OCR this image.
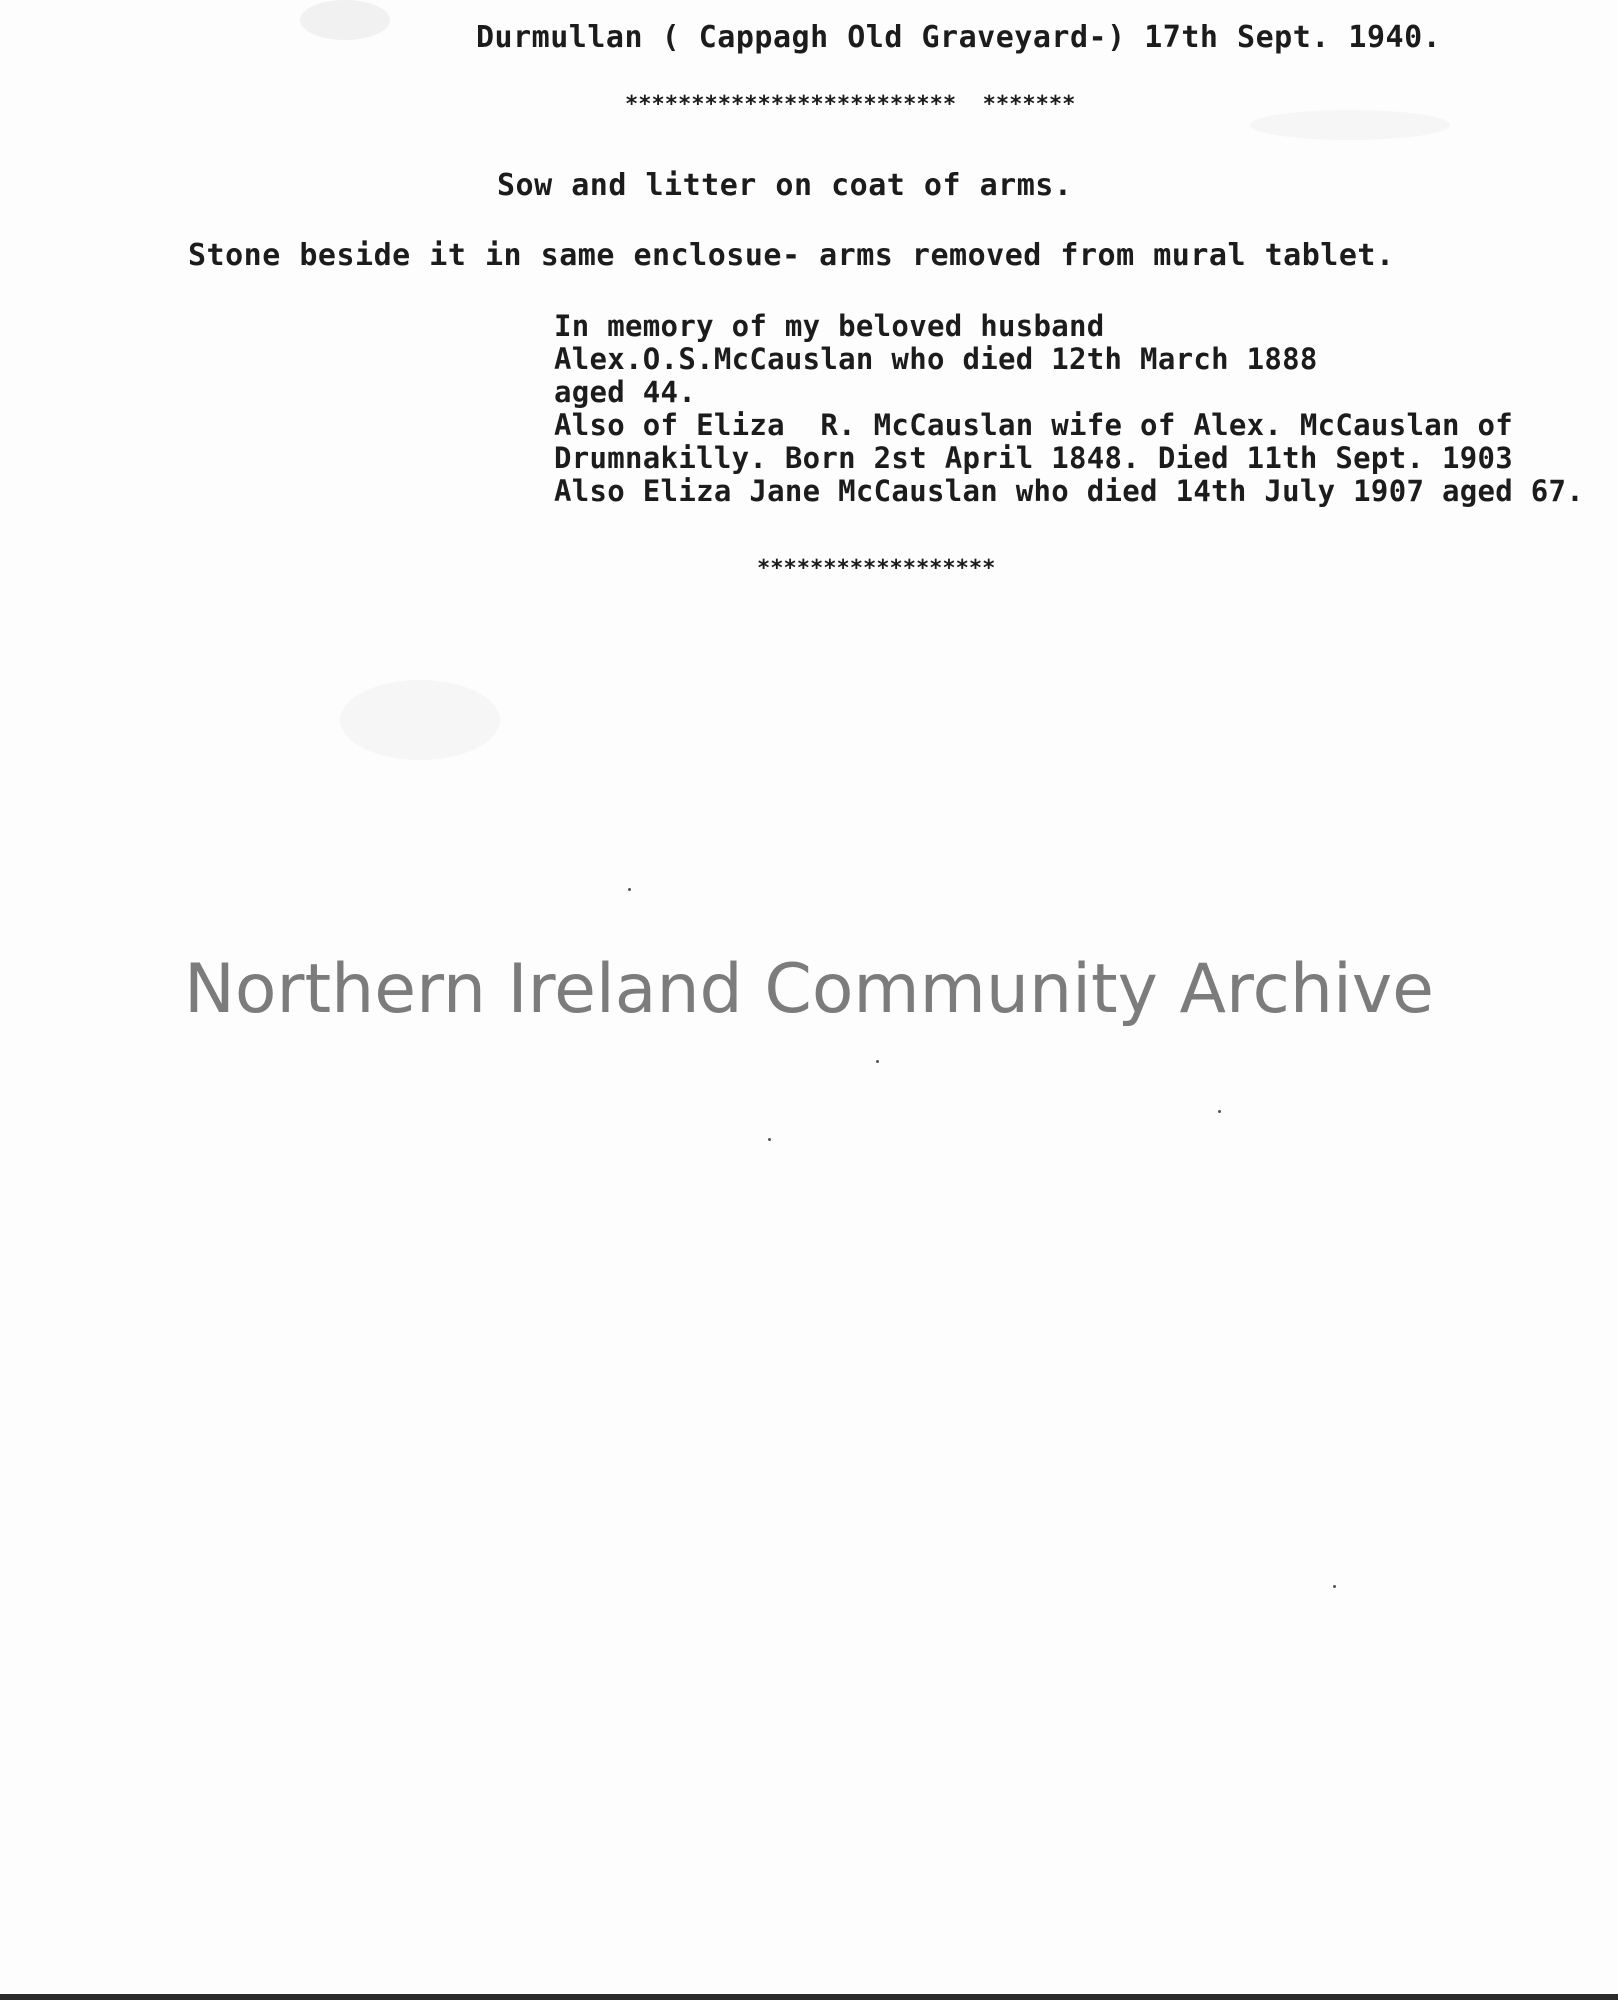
Durmullan ( Cappagh Old Graveyard-) 17th Sept. 1940.
*************************  *******
Sow and litter on coat of arms.
Stone beside it in same enclosue- arms removed from mural tablet.
In memory of my beloved husband
Alex.O.S.McCauslan who died 12th March 1888
aged 44.
Also of Eliza  R. McCauslan wife of Alex. McCauslan of
Drumnakilly. Born 2st April 1848. Died 11th Sept. 1903
Also Eliza Jane McCauslan who died 14th July 1907 aged 67.
******************
Northern Ireland Community Archive
